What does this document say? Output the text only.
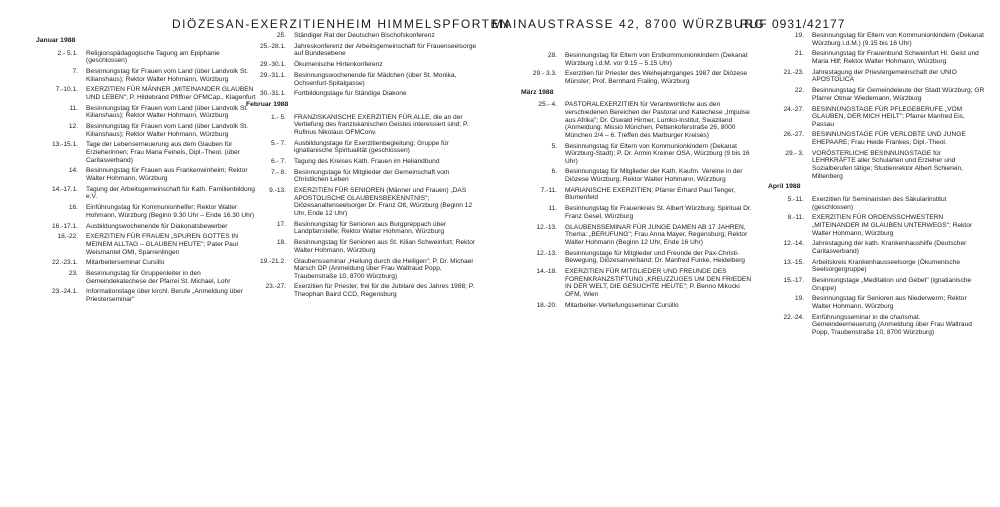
DIÖZESAN-EXERZITIENHEIM HIMMELSPFORTEN
MAINAUSTRASSE 42, 8700 WÜRZBURG
RUF 0931/42177
Januar 1988
2.- 5.1.	Religionspädagogische Tagung am Epiphanie (geschlossen)
7.	Besinnungstag für Frauen vom Land (über Landvolk St. Kilianshaus); Rektor Walter Hohmann, Würzburg
7.-10.1.	EXERZITIEN FÜR MÄNNER „MITEINANDER GLAUBEN UND LEBEN"; P. Hildebrand Pfiffner OFMCap., Klagenfurt
11.	Besinnungstag für Frauen vom Land (über Landvolk St. Kilianshaus); Rektor Walter Hohmann, Würzburg
12.	Besinnungstag für Frauen vom Land (über Landvolk St. Kilianshaus); Rektor Walter Hohmann, Würzburg
13.-15.1.	Tage der Lebenserneuerung aus dem Glauben für Erzieherinnen; Frau Maria Feineis, Dipl.-Theol. (über Caritasverband)
14.	Besinnungstag für Frauen aus Frankenwinheim; Rektor Walter Hohmann, Würzburg
14.-17.1.	Tagung der Arbeitsgemeinschaft für Kath. Familienbildung e.V.
16.	Einführungstag für Kommunionhelfer; Rektor Walter Hohmann, Würzburg (Beginn 9.30 Uhr – Ende 16.30 Uhr)
16.-17.1.	Ausbildungswochenende für Diakonatsbewerber
18.-22.	EXERZITIEN FÜR FRAUEN „SPUREN GOTTES IN MEINEM ALLTAG – GLAUBEN HEUTE"; Pater Paul Weismantel OMI, Sparrenlingen
22.-23.1.	Mitarbeiterseminar Cursillo
23.	Besinnungstag für Gruppenleiter in den Gemeindekatechese der Pfarrei St. Michael, Lohr
23.-24.1.	Informationstage über kirchl. Berufe „Anmeldung über Priesterseminar"
25.	Ständiger Rat der Deutschen Bischofskonferenz
25.-28.1.	Jahreskonferenz der Arbeitsgemeinschaft für Frauenseelsorge auf Bundesebene
29.-30.1.	Ökumenische Hirtenkonferenz
29.-31.1.	Besinnungswochenende für Mädchen (über St. Monika, Ochsenfurt-Spitalgasse)
30.-31.1.	Fortbildungstage für Ständige Diakone
Februar 1988
1.- 5.	FRANZISKANISCHE EXERZITIEN FÜR ALLE, die an der Vertiefung des franziskanischen Geistes interessiert sind; P. Rufinus Nikolaus OFMConv.
5.- 7.	Ausbildungstage für Exerzitienbegleitung; Gruppe für ignatianische Spiritualität (geschlossen)
6.- 7.	Tagung des Kreises Kath. Frauen im Heliandbund
7.- 8.	Besinnungstage für Mitglieder der Gemeinschaft vom Christlichen Leben
9.-13.	EXERZITIEN FÜR SENIOREN (Männer und Frauen) „DAS APOSTOLISCHE GLAUBENSBEKENNTNIS"; Diözesanaltenseelsorger Dr. Franz Ott, Würzburg (Beginn 12 Uhr, Ende 12 Uhr)
17.	Besinnungstag für Senioren aus Burgpreppach über Landpfarrstelle; Rektor Walter Hohmann, Würzburg
18.	Besinnungstag für Senioren aus St. Kilian Schweinfurt; Rektor Walter Hohmann, Würzburg
19.-21.2.	Glaubensseminar „Heilung durch die Heiligen"; P. Dr. Michael Marsch OP (Anmeldung über Frau Waltraud Popp, Traubenstraße 10, 8700 Würzburg)
23.-27.	Exerzitien für Priester, frei für die Jubilare des Jahres 1988; P. Theophan Baird CCD, Regensburg
28.	Besinnungstag für Eltern von Erstkommunionkindern (Dekanat Würzburg i.d.M. vor 9.15 – 5.15 Uhr)
29.- 3.3.	Exerzitien für Priester des Weihejahrganges 1987 der Diözese Münster; Prof. Bernhard Fraling, Würzburg
März 1988
25.- 4.	PASTORALEXERZITIEN für Verantwortliche aus den verschiedenen Bereichen der Pastoral und Katechese „Impulse aus Afrika"; Dr. Oswald Hirmer, Lumko-Institut, Swaziland (Anmeldung: Missio München, Pettenkoferstraße 26, 8000 München 2/4 – 6. Treffen des Marburger Kreises)
5.	Besinnungstag für Eltern von Kommunionkindern (Dekanat Würzburg-Stadt); P. Dr. Armin Kreiner OSA, Würzburg (9 bis 16 Uhr)
6.	Besinnungstag für Mitglieder der Kath. Kaufm. Vereine in der Diözese Würzburg; Rektor Walter Hohmann, Würzburg
7.-11.	MARIANISCHE EXERZITIEN; Pfarrer Erhard Paul Tenger, Blumenfeld
11.	Besinnungstag für Frauenkreis St. Albert Würzburg; Spiritual Dr. Franz Gesel, Würzburg
12.-13.	GLAUBENSSEMINAR FÜR JUNGE DAMEN AB 17 JAHREN, Thema: „BERUFUNG"; Frau Anna Mayer, Regensburg; Rektor Walter Hohmann (Beginn 12 Uhr, Ende 16 Uhr)
12.-13.	Besinnungstage für Mitglieder und Freunde der Pax-Christi-Bewegung, Diözesanverband; Dr. Manfred Funke, Heidelberg
14.-18.	EXERZITIEN FÜR MITGLIEDER UND FREUNDE DES FORENKRANZSTIFTUNG „KREUZZUGES UM DEN FRIEDEN IN DER WELT, DIE GESUCHTE HEUTE"; P. Benno Mikocki OFM, Wien
18.-20.	Mitarbeiter-Vertiefungsseminar Cursillo
19.	Besinnungstag für Eltern von Kommunionkindern (Dekanat Würzburg i.d.M.) (9.15 bis 16 Uhr)
21.	Besinnungstag für Frauenbund Schweinfurt Hl. Geist und Maria Hilf; Rektor Walter Hohmann, Würzburg
21.-23.	Jahrestagung der Priestergemeinschaft der UNIO APOSTOLICA
22.	Besinnungstag für Gemeindeleute der Stadt Würzburg; GR Pfarrer Otmar Wiedemann, Würzburg
24.-27.	BESINNUNGSTAGE FÜR PFLEGEBERUFE „VOM GLAUBEN, DER MICH HEILT"; Pfarrer Manfred Eis, Passau
26.-27.	BESINNUNGSTAGE FÜR VERLOBTE UND JUNGE EHEPAARE; Frau Heide Frankes, Dipl.-Theol.
29.- 3.	VORÖSTERLICHE BESINNUNGSTAGE für LEHRKRÄFTE aller Schularten und Erzieher und Sozialberufen tätige; Studienrektor Albert Schierein, Miltenberg
April 1988
5.-11.	Exerzitien für Seminaristen des Säkularinstitut (geschlossen)
8.-11.	EXERZITIEN FÜR ORDENSSCHWESTERN „MITEINANDER IM GLAUBEN UNTERWEGS"; Rektor Walter Hohmann, Würzburg
12.-14.	Jahrestagung der kath. Krankenhaushilfe (Deutscher Caritasverband)
13.-15.	Arbeitskreis Krankenhausseelsorge (Ökumenische Seelsorgergruppe)
15.-17.	Besinnungstage „Meditation und Gebet" (ignatianische Gruppe)
19.	Besinnungstag für Senioren aus Niederwerrn; Rektor Walter Hohmann, Würzburg
22.-24.	Einführungsseminar in die charismat. Gemeindeerneuerung (Anmeldung über Frau Waltraud Popp, Traubenstraße 10, 8700 Würzburg)
